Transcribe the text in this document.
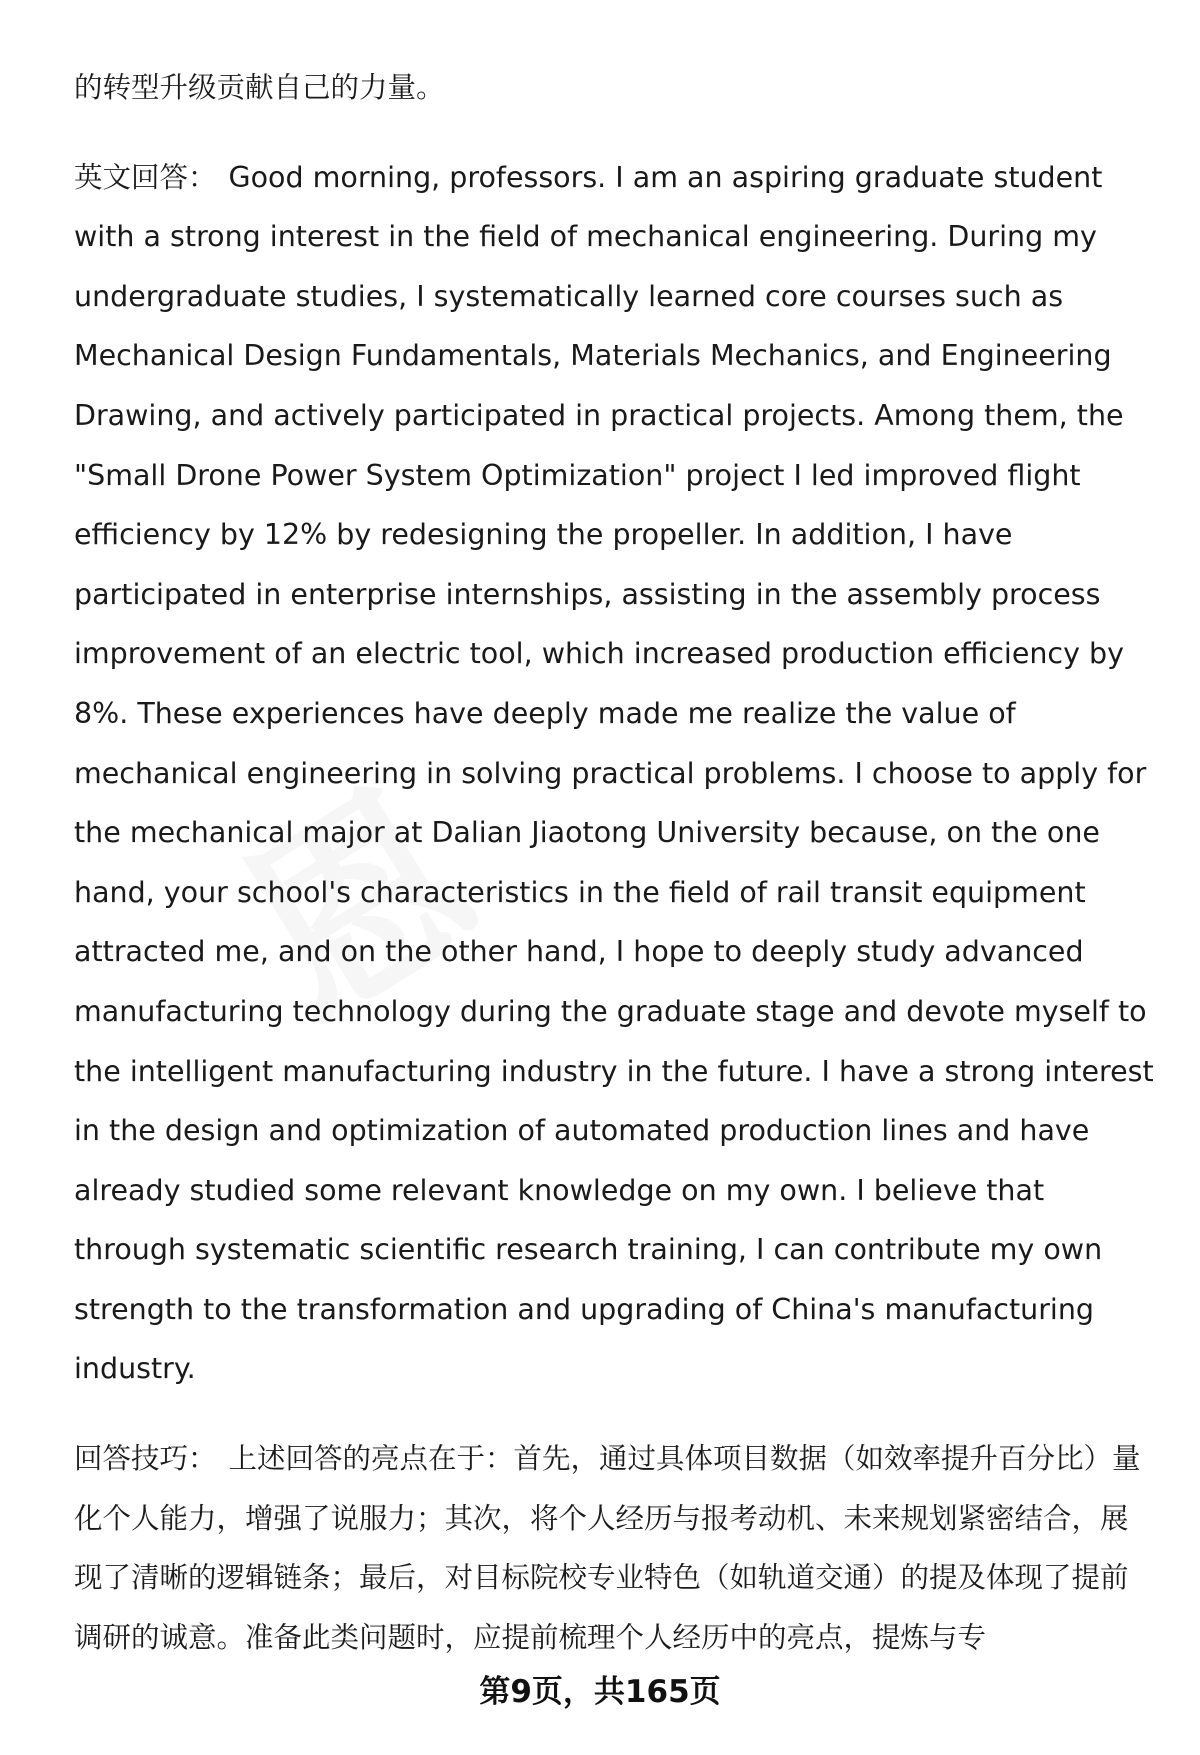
的转型升级贡献自己的力量。

英文回答： Good morning, professors. I am an aspiring graduate student with a strong interest in the field of mechanical engineering. During my undergraduate studies, I systematically learned core courses such as Mechanical Design Fundamentals, Materials Mechanics, and Engineering Drawing, and actively participated in practical projects. Among them, the "Small Drone Power System Optimization" project I led improved flight efficiency by 12% by redesigning the propeller. In addition, I have participated in enterprise internships, assisting in the assembly process improvement of an electric tool, which increased production efficiency by 8%. These experiences have deeply made me realize the value of mechanical engineering in solving practical problems. I choose to apply for the mechanical major at Dalian Jiaotong University because, on the one hand, your school's characteristics in the field of rail transit equipment attracted me, and on the other hand, I hope to deeply study advanced manufacturing technology during the graduate stage and devote myself to the intelligent manufacturing industry in the future. I have a strong interest in the design and optimization of automated production lines and have already studied some relevant knowledge on my own. I believe that through systematic scientific research training, I can contribute my own strength to the transformation and upgrading of China's manufacturing industry.

回答技巧： 上述回答的亮点在于：首先，通过具体项目数据（如效率提升百分比）量化个人能力，增强了说服力；其次，将个人经历与报考动机、未来规划紧密结合，展现了清晰的逻辑链条；最后，对目标院校专业特色（如轨道交通）的提及体现了提前调研的诚意。准备此类问题时，应提前梳理个人经历中的亮点，提炼与专

第9页，共165页
